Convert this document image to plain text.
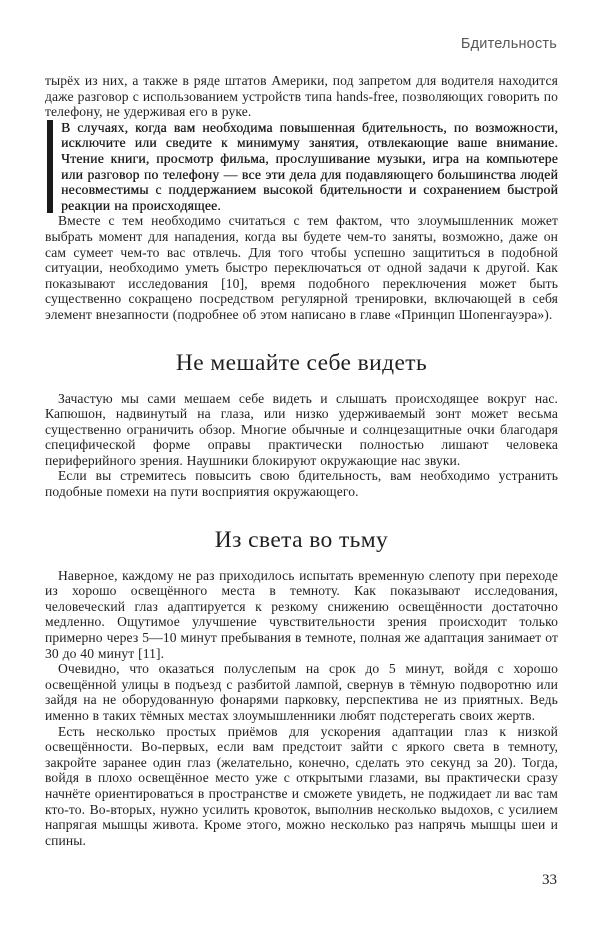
Бдительность

тырёх из них, а также в ряде штатов Америки, под запретом для водителя находится даже разговор с использованием устройств типа hands-free, позволяющих говорить по телефону, не удерживая его в руке.

В случаях, когда вам необходима повышенная бдительность, по возможности, исключите или сведите к минимуму занятия, отвлекающие ваше внимание. Чтение книги, просмотр фильма, прослушивание музыки, игра на компьютере или разговор по телефону — все эти дела для подавляющего большинства людей несовместимы с поддержанием высокой бдительности и сохранением быстрой реакции на происходящее.

Вместе с тем необходимо считаться с тем фактом, что злоумышленник может выбрать момент для нападения, когда вы будете чем-то заняты, возможно, даже он сам сумеет чем-то вас отвлечь. Для того чтобы успешно защититься в подобной ситуации, необходимо уметь быстро переключаться от одной задачи к другой. Как показывают исследования [10], время подобного переключения может быть существенно сокращено посредством регулярной тренировки, включающей в себя элемент внезапности (подробнее об этом написано в главе «Принцип Шопенгауэра»).

Не мешайте себе видеть

Зачастую мы сами мешаем себе видеть и слышать происходящее вокруг нас. Капюшон, надвинутый на глаза, или низко удерживаемый зонт может весьма существенно ограничить обзор. Многие обычные и солнцезащитные очки благодаря специфической форме оправы практически полностью лишают человека периферийного зрения. Наушники блокируют окружающие нас звуки.

Если вы стремитесь повысить свою бдительность, вам необходимо устранить подобные помехи на пути восприятия окружающего.

Из света во тьму

Наверное, каждому не раз приходилось испытать временную слепоту при переходе из хорошо освещённого места в темноту. Как показывают исследования, человеческий глаз адаптируется к резкому снижению освещённости достаточно медленно. Ощутимое улучшение чувствительности зрения происходит только примерно через 5—10 минут пребывания в темноте, полная же адаптация занимает от 30 до 40 минут [11].

Очевидно, что оказаться полуслепым на срок до 5 минут, войдя с хорошо освещённой улицы в подъезд с разбитой лампой, свернув в тёмную подворотню или зайдя на не оборудованную фонарями парковку, перспектива не из приятных. Ведь именно в таких тёмных местах злоумышленники любят подстерегать своих жертв.

Есть несколько простых приёмов для ускорения адаптации глаз к низкой освещённости. Во-первых, если вам предстоит зайти с яркого света в темноту, закройте заранее один глаз (желательно, конечно, сделать это секунд за 20). Тогда, войдя в плохо освещённое место уже с открытыми глазами, вы практически сразу начнёте ориентироваться в пространстве и сможете увидеть, не поджидает ли вас там кто-то. Во-вторых, нужно усилить кровоток, выполнив несколько выдохов, с усилием напрягая мышцы живота. Кроме этого, можно несколько раз напрячь мышцы шеи и спины.

33
